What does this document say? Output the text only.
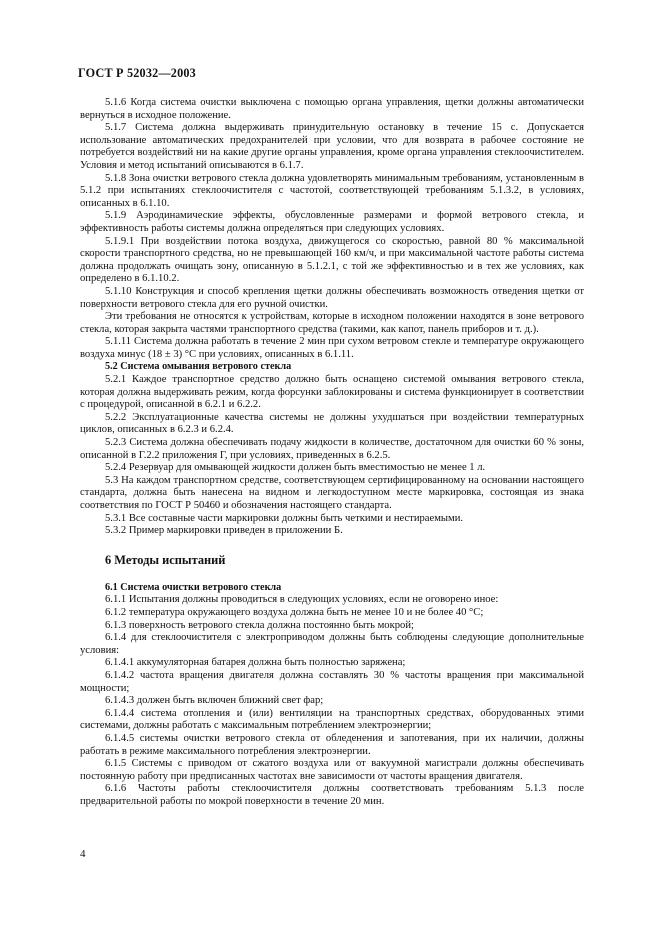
ГОСТ Р 52032—2003

5.1.6 Когда система очистки выключена с помощью органа управления, щетки должны автоматически вернуться в исходное положение.

5.1.7 Система должна выдерживать принудительную остановку в течение 15 с. Допускается использование автоматических предохранителей при условии, что для возврата в рабочее состояние не потребуется воздействий ни на какие другие органы управления, кроме органа управления стеклоочистителем. Условия и метод испытаний описываются в 6.1.7.

5.1.8 Зона очистки ветрового стекла должна удовлетворять минимальным требованиям, установленным в 5.1.2 при испытаниях стеклоочистителя с частотой, соответствующей требованиям 5.1.3.2, в условиях, описанных в 6.1.10.

5.1.9 Аэродинамические эффекты, обусловленные размерами и формой ветрового стекла, и эффективность работы системы должна определяться при следующих условиях.

5.1.9.1 При воздействии потока воздуха, движущегося со скоростью, равной 80 % максимальной скорости транспортного средства, но не превышающей 160 км/ч, и при максимальной частоте работы система должна продолжать очищать зону, описанную в 5.1.2.1, с той же эффективностью и в тех же условиях, как определено в 6.1.10.2.

5.1.10 Конструкция и способ крепления щетки должны обеспечивать возможность отведения щетки от поверхности ветрового стекла для его ручной очистки.

Эти требования не относятся к устройствам, которые в исходном положении находятся в зоне ветрового стекла, которая закрыта частями транспортного средства (такими, как капот, панель приборов и т. д.).

5.1.11 Система должна работать в течение 2 мин при сухом ветровом стекле и температуре окружающего воздуха минус (18 ± 3) °С при условиях, описанных в 6.1.11.

5.2 Система омывания ветрового стекла

5.2.1 Каждое транспортное средство должно быть оснащено системой омывания ветрового стекла, которая должна выдерживать режим, когда форсунки заблокированы и система функционирует в соответствии с процедурой, описанной в 6.2.1 и 6.2.2.

5.2.2 Эксплуатационные качества системы не должны ухудшаться при воздействии температурных циклов, описанных в 6.2.3 и 6.2.4.

5.2.3 Система должна обеспечивать подачу жидкости в количестве, достаточном для очистки 60 % зоны, описанной в Г.2.2 приложения Г, при условиях, приведенных в 6.2.5.

5.2.4 Резервуар для омывающей жидкости должен быть вместимостью не менее 1 л.

5.3 На каждом транспортном средстве, соответствующем сертифицированному на основании настоящего стандарта, должна быть нанесена на видном и легкодоступном месте маркировка, состоящая из знака соответствия по ГОСТ Р 50460 и обозначения настоящего стандарта.

5.3.1 Все составные части маркировки должны быть четкими и нестираемыми.

5.3.2 Пример маркировки приведен в приложении Б.

6 Методы испытаний

6.1 Система очистки ветрового стекла

6.1.1 Испытания должны проводиться в следующих условиях, если не оговорено иное:

6.1.2 температура окружающего воздуха должна быть не менее 10 и не более 40 °С;

6.1.3 поверхность ветрового стекла должна постоянно быть мокрой;

6.1.4 для стеклоочистителя с электроприводом должны быть соблюдены следующие дополнительные условия:

6.1.4.1 аккумуляторная батарея должна быть полностью заряжена;

6.1.4.2 частота вращения двигателя должна составлять 30 % частоты вращения при максимальной мощности;

6.1.4.3 должен быть включен ближний свет фар;

6.1.4.4 система отопления и (или) вентиляции на транспортных средствах, оборудованных этими системами, должны работать с максимальным потреблением электроэнергии;

6.1.4.5 системы очистки ветрового стекла от обледенения и запотевания, при их наличии, должны работать в режиме максимального потребления электроэнергии.

6.1.5 Системы с приводом от сжатого воздуха или от вакуумной магистрали должны обеспечивать постоянную работу при предписанных частотах вне зависимости от частоты вращения двигателя.

6.1.6 Частоты работы стеклоочистителя должны соответствовать требованиям 5.1.3 после предварительной работы по мокрой поверхности в течение 20 мин.

4
